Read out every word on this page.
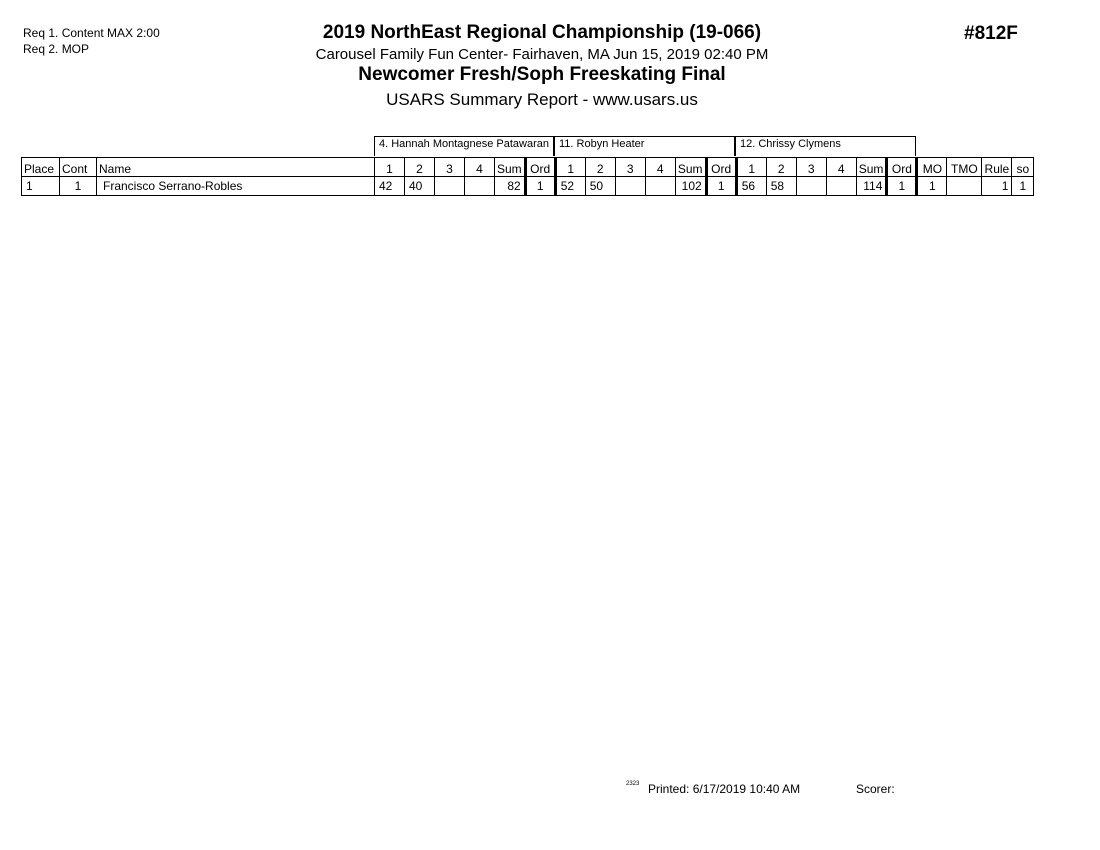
Req 1. Content MAX 2:00
Req 2. MOP
2019 NorthEast Regional Championship (19-066)
Carousel Family Fun Center- Fairhaven, MA Jun 15, 2019 02:40 PM
Newcomer Fresh/Soph Freeskating Final
USARS Summary Report - www.usars.us
#812F
4. Hannah Montagnese Patawaran 11. Robyn Heater	12. Chrissy Clymens
Place	Cont	Name	1	2	3	4	Sum	Ord	1	2	3	4	Sum	Ord	1	2	3	4	Sum	Ord	MO	TMO	Rule	so
1	1	Francisco Serrano-Robles	42	40			82	1	52	50			102	1	56	58			114	1	1		1	1
2323 Printed: 6/17/2019 10:40 AM	Scorer:
